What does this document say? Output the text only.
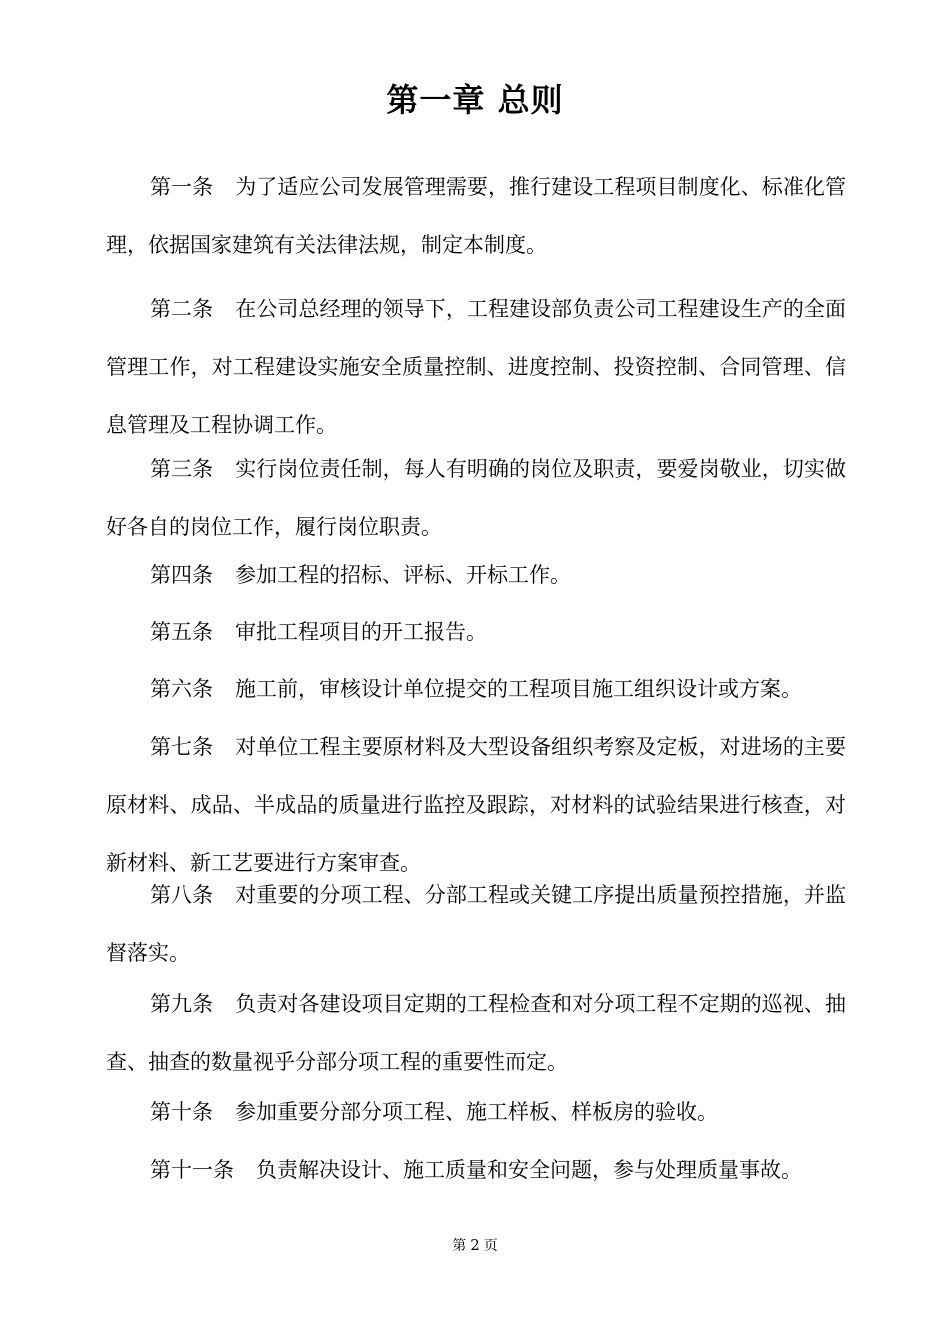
第一章 总则

第一条 为了适应公司发展管理需要，推行建设工程项目制度化、标准化管理，依据国家建筑有关法律法规，制定本制度。

第二条 在公司总经理的领导下，工程建设部负责公司工程建设生产的全面管理工作，对工程建设实施安全质量控制、进度控制、投资控制、合同管理、信息管理及工程协调工作。

第三条 实行岗位责任制，每人有明确的岗位及职责，要爱岗敬业，切实做好各自的岗位工作，履行岗位职责。

第四条 参加工程的招标、评标、开标工作。

第五条 审批工程项目的开工报告。

第六条 施工前，审核设计单位提交的工程项目施工组织设计或方案。

第七条 对单位工程主要原材料及大型设备组织考察及定板，对进场的主要原材料、成品、半成品的质量进行监控及跟踪，对材料的试验结果进行核查，对新材料、新工艺要进行方案审查。

第八条 对重要的分项工程、分部工程或关键工序提出质量预控措施，并监督落实。

第九条 负责对各建设项目定期的工程检查和对分项工程不定期的巡视、抽查、抽查的数量视乎分部分项工程的重要性而定。

第十条 参加重要分部分项工程、施工样板、样板房的验收。

第十一条 负责解决设计、施工质量和安全问题，参与处理质量事故。

第 2 页
